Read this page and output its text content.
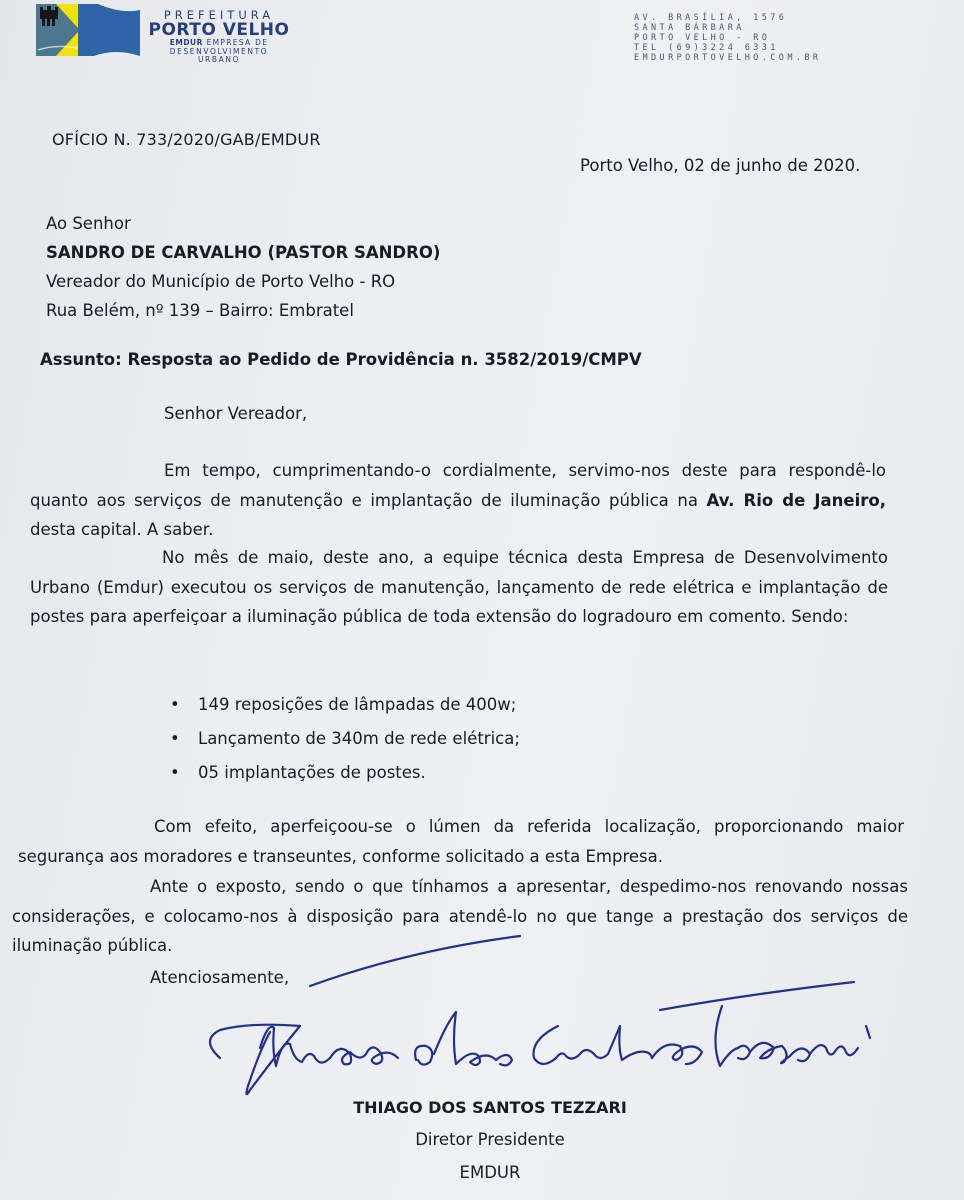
PREFEITURA
PORTO VELHO
EMDUR EMPRESA DE
DESENVOLVIMENTO
URBANO
AV. BRASÍLIA, 1576
SANTA BÁRBARA
PORTO VELHO - RO
TEL (69)3224 6331
EMDURPORTOVELHO.COM.BR

OFÍCIO N. 733/2020/GAB/EMDUR

Porto Velho, 02 de junho de 2020.

Ao Senhor
SANDRO DE CARVALHO (PASTOR SANDRO)
Vereador do Município de Porto Velho - RO
Rua Belém, nº 139 – Bairro: Embratel

Assunto: Resposta ao Pedido de Providência n. 3582/2019/CMPV

Senhor Vereador,

Em tempo, cumprimentando-o cordialmente, servimo-nos deste para respondê-lo quanto aos serviços de manutenção e implantação de iluminação pública na Av. Rio de Janeiro, desta capital. A saber.

No mês de maio, deste ano, a equipe técnica desta Empresa de Desenvolvimento Urbano (Emdur) executou os serviços de manutenção, lançamento de rede elétrica e implantação de postes para aperfeiçoar a iluminação pública de toda extensão do logradouro em comento. Sendo:

• 149 reposições de lâmpadas de 400w;
• Lançamento de 340m de rede elétrica;
• 05 implantações de postes.

Com efeito, aperfeiçoou-se o lúmen da referida localização, proporcionando maior segurança aos moradores e transeuntes, conforme solicitado a esta Empresa.

Ante o exposto, sendo o que tínhamos a apresentar, despedimo-nos renovando nossas considerações, e colocamo-nos à disposição para atendê-lo no que tange a prestação dos serviços de iluminação pública.

Atenciosamente,

THIAGO DOS SANTOS TEZZARI

Diretor Presidente

EMDUR
